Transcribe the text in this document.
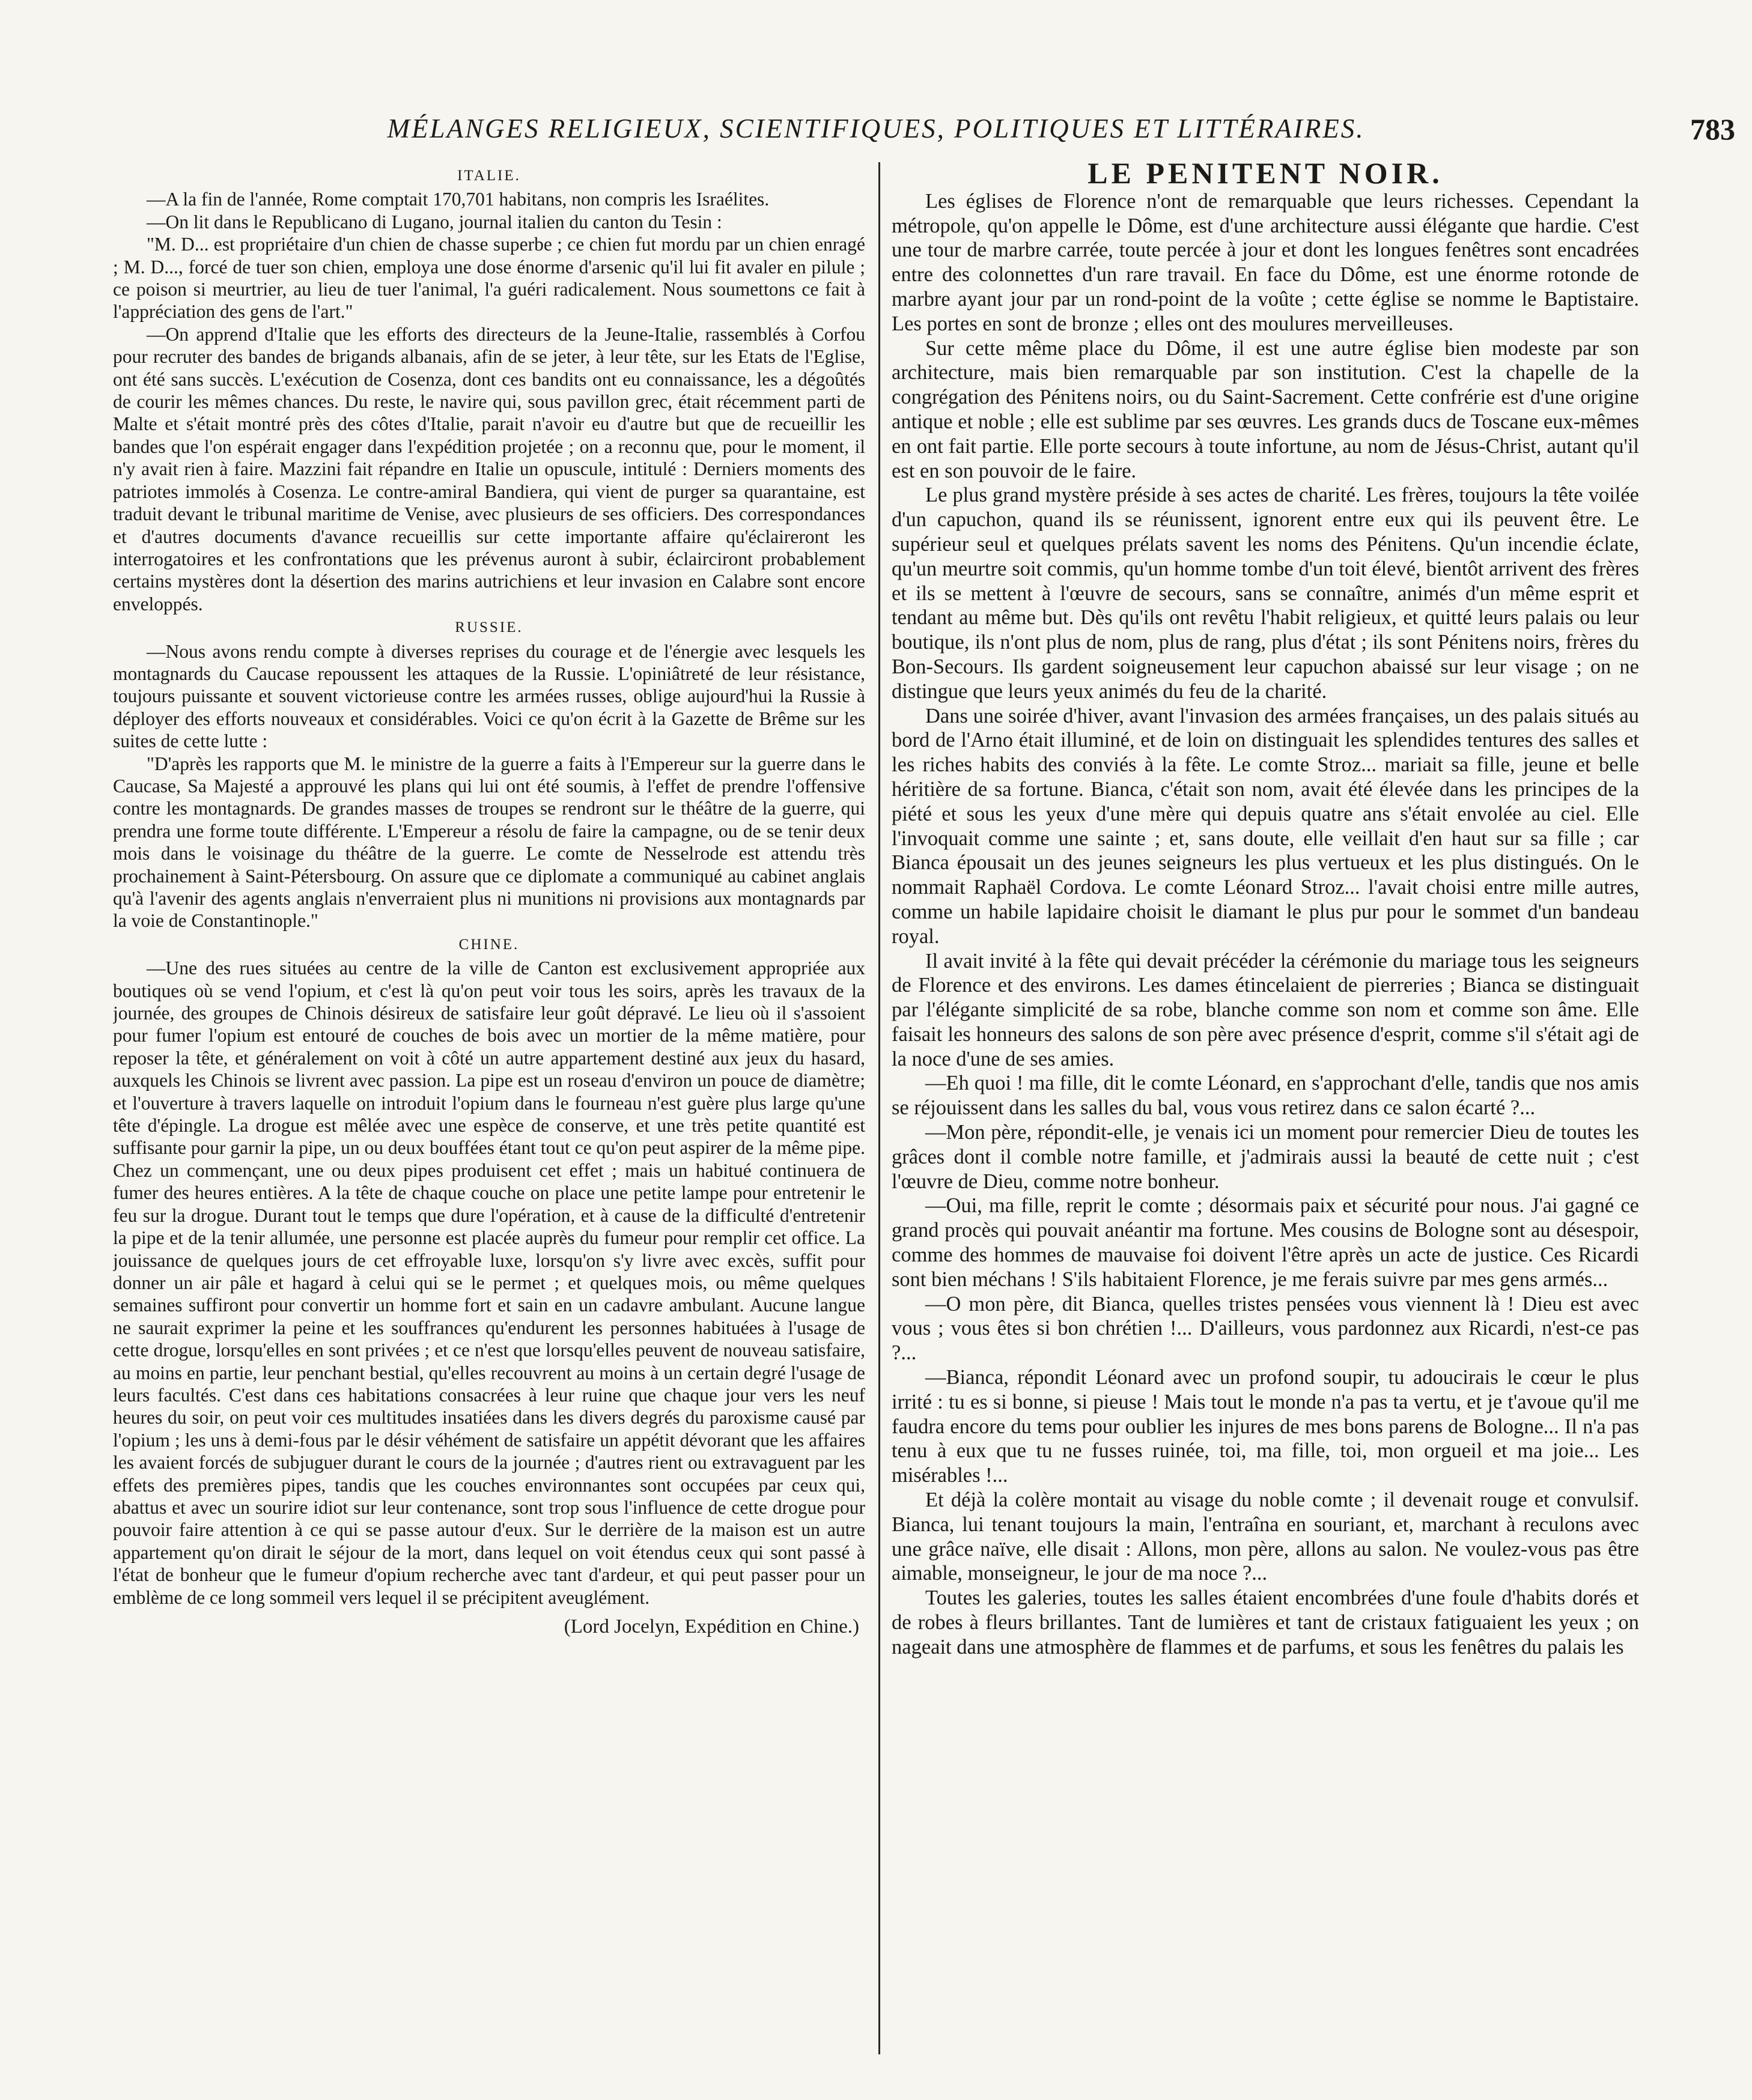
MÉLANGES RELIGIEUX, SCIENTIFIQUES, POLITIQUES ET LITTÉRAIRES.	783
ITALIE.

—A la fin de l'année, Rome comptait 170,701 habitans, non compris les Israélites.

—On lit dans le Republicano di Lugano, journal italien du canton du Tesin :

"M. D... est propriétaire d'un chien de chasse superbe ; ce chien fut mordu par un chien enragé ; M. D..., forcé de tuer son chien, employa une dose énorme d'arsenic qu'il lui fit avaler en pilule ; ce poison si meurtrier, au lieu de tuer l'animal, l'a guéri radicalement. Nous soumettons ce fait à l'appréciation des gens de l'art."

—On apprend d'Italie que les efforts des directeurs de la Jeune-Italie, rassemblés à Corfou pour recruter des bandes de brigands albanais, afin de se jeter, à leur tête, sur les Etats de l'Eglise, ont été sans succès. L'exécution de Cosenza, dont ces bandits ont eu connaissance, les a dégoûtés de courir les mêmes chances. Du reste, le navire qui, sous pavillon grec, était récemment parti de Malte et s'était montré près des côtes d'Italie, parait n'avoir eu d'autre but que de recueillir les bandes que l'on espérait engager dans l'expédition projetée ; on a reconnu que, pour le moment, il n'y avait rien à faire. Mazzini fait répandre en Italie un opuscule, intitulé : Derniers moments des patriotes immolés à Cosenza. Le contre-amiral Bandiera, qui vient de purger sa quarantaine, est traduit devant le tribunal maritime de Venise, avec plusieurs de ses officiers. Des correspondances et d'autres documents d'avance recueillis sur cette importante affaire qu'éclaireront les interrogatoires et les confrontations que les prévenus auront à subir, éclairciront probablement certains mystères dont la désertion des marins autrichiens et leur invasion en Calabre sont encore enveloppés.

RUSSIE.

—Nous avons rendu compte à diverses reprises du courage et de l'énergie avec lesquels les montagnards du Caucase repoussent les attaques de la Russie. L'opiniâtreté de leur résistance, toujours puissante et souvent victorieuse contre les armées russes, oblige aujourd'hui la Russie à déployer des efforts nouveaux et considérables. Voici ce qu'on écrit à la Gazette de Brême sur les suites de cette lutte :

"D'après les rapports que M. le ministre de la guerre a faits à l'Empereur sur la guerre dans le Caucase, Sa Majesté a approuvé les plans qui lui ont été soumis, à l'effet de prendre l'offensive contre les montagnards. De grandes masses de troupes se rendront sur le théâtre de la guerre, qui prendra une forme toute différente. L'Empereur a résolu de faire la campagne, ou de se tenir deux mois dans le voisinage du théâtre de la guerre. Le comte de Nesselrode est attendu très prochainement à Saint-Pétersbourg. On assure que ce diplomate a communiqué au cabinet anglais qu'à l'avenir des agents anglais n'enverraient plus ni munitions ni provisions aux montagnards par la voie de Constantinople."

CHINE.

—Une des rues situées au centre de la ville de Canton est exclusivement appropriée aux boutiques où se vend l'opium, et c'est là qu'on peut voir tous les soirs, après les travaux de la journée, des groupes de Chinois désireux de satisfaire leur goût dépravé. Le lieu où il s'assoient pour fumer l'opium est entouré de couches de bois avec un mortier de la même matière, pour reposer la tête, et généralement on voit à côté un autre appartement destiné aux jeux du hasard, auxquels les Chinois se livrent avec passion. La pipe est un roseau d'environ un pouce de diamètre; et l'ouverture à travers laquelle on introduit l'opium dans le fourneau n'est guère plus large qu'une tête d'épingle. La drogue est mêlée avec une espèce de conserve, et une très petite quantité est suffisante pour garnir la pipe, un ou deux bouffées étant tout ce qu'on peut aspirer de la même pipe. Chez un commençant, une ou deux pipes produisent cet effet ; mais un habitué continuera de fumer des heures entières. A la tête de chaque couche on place une petite lampe pour entretenir le feu sur la drogue. Durant tout le temps que dure l'opération, et à cause de la difficulté d'entretenir la pipe et de la tenir allumée, une personne est placée auprès du fumeur pour remplir cet office. La jouissance de quelques jours de cet effroyable luxe, lorsqu'on s'y livre avec excès, suffit pour donner un air pâle et hagard à celui qui se le permet ; et quelques mois, ou même quelques semaines suffiront pour convertir un homme fort et sain en un cadavre ambulant. Aucune langue ne saurait exprimer la peine et les souffrances qu'endurent les personnes habituées à l'usage de cette drogue, lorsqu'elles en sont privées ; et ce n'est que lorsqu'elles peuvent de nouveau satisfaire, au moins en partie, leur penchant bestial, qu'elles recouvrent au moins à un certain degré l'usage de leurs facultés. C'est dans ces habitations consacrées à leur ruine que chaque jour vers les neuf heures du soir, on peut voir ces multitudes insatiées dans les divers degrés du paroxisme causé par l'opium ; les uns à demi-fous par le désir véhément de satisfaire un appétit dévorant que les affaires les avaient forcés de subjuguer durant le cours de la journée ; d'autres rient ou extravaguent par les effets des premières pipes, tandis que les couches environnantes sont occupées par ceux qui, abattus et avec un sourire idiot sur leur contenance, sont trop sous l'influence de cette drogue pour pouvoir faire attention à ce qui se passe autour d'eux. Sur le derrière de la maison est un autre appartement qu'on dirait le séjour de la mort, dans lequel on voit étendus ceux qui sont passé à l'état de bonheur que le fumeur d'opium recherche avec tant d'ardeur, et qui peut passer pour un emblème de ce long sommeil vers lequel il se précipitent aveuglément.

(Lord Jocelyn, Expédition en Chine.)
LE PENITENT NOIR.

Les églises de Florence n'ont de remarquable que leurs richesses. Cependant la métropole, qu'on appelle le Dôme, est d'une architecture aussi élégante que hardie. C'est une tour de marbre carrée, toute percée à jour et dont les longues fenêtres sont encadrées entre des colonnettes d'un rare travail. En face du Dôme, est une énorme rotonde de marbre ayant jour par un rond-point de la voûte ; cette église se nomme le Baptistaire. Les portes en sont de bronze ; elles ont des moulures merveilleuses.

Sur cette même place du Dôme, il est une autre église bien modeste par son architecture, mais bien remarquable par son institution. C'est la chapelle de la congrégation des Pénitens noirs, ou du Saint-Sacrement. Cette confrérie est d'une origine antique et noble ; elle est sublime par ses œuvres. Les grands ducs de Toscane eux-mêmes en ont fait partie. Elle porte secours à toute infortune, au nom de Jésus-Christ, autant qu'il est en son pouvoir de le faire.

Le plus grand mystère préside à ses actes de charité. Les frères, toujours la tête voilée d'un capuchon, quand ils se réunissent, ignorent entre eux qui ils peuvent être. Le supérieur seul et quelques prélats savent les noms des Pénitens. Qu'un incendie éclate, qu'un meurtre soit commis, qu'un homme tombe d'un toit élevé, bientôt arrivent des frères et ils se mettent à l'œuvre de secours, sans se connaître, animés d'un même esprit et tendant au même but. Dès qu'ils ont revêtu l'habit religieux, et quitté leurs palais ou leur boutique, ils n'ont plus de nom, plus de rang, plus d'état ; ils sont Pénitens noirs, frères du Bon-Secours. Ils gardent soigneusement leur capuchon abaissé sur leur visage ; on ne distingue que leurs yeux animés du feu de la charité.

Dans une soirée d'hiver, avant l'invasion des armées françaises, un des palais situés au bord de l'Arno était illuminé, et de loin on distinguait les splendides tentures des salles et les riches habits des conviés à la fête. Le comte Stroz... mariait sa fille, jeune et belle héritière de sa fortune. Bianca, c'était son nom, avait été élevée dans les principes de la piété et sous les yeux d'une mère qui depuis quatre ans s'était envolée au ciel. Elle l'invoquait comme une sainte ; et, sans doute, elle veillait d'en haut sur sa fille ; car Bianca épousait un des jeunes seigneurs les plus vertueux et les plus distingués. On le nommait Raphaël Cordova. Le comte Léonard Stroz... l'avait choisi entre mille autres, comme un habile lapidaire choisit le diamant le plus pur pour le sommet d'un bandeau royal.

Il avait invité à la fête qui devait précéder la cérémonie du mariage tous les seigneurs de Florence et des environs. Les dames étincelaient de pierreries ; Bianca se distinguait par l'élégante simplicité de sa robe, blanche comme son nom et comme son âme. Elle faisait les honneurs des salons de son père avec présence d'esprit, comme s'il s'était agi de la noce d'une de ses amies.

—Eh quoi ! ma fille, dit le comte Léonard, en s'approchant d'elle, tandis que nos amis se réjouissent dans les salles du bal, vous vous retirez dans ce salon écarté ?...

—Mon père, répondit-elle, je venais ici un moment pour remercier Dieu de toutes les grâces dont il comble notre famille, et j'admirais aussi la beauté de cette nuit ; c'est l'œuvre de Dieu, comme notre bonheur.

—Oui, ma fille, reprit le comte ; désormais paix et sécurité pour nous. J'ai gagné ce grand procès qui pouvait anéantir ma fortune. Mes cousins de Bologne sont au désespoir, comme des hommes de mauvaise foi doivent l'être après un acte de justice. Ces Ricardi sont bien méchans ! S'ils habitaient Florence, je me ferais suivre par mes gens armés...

—O mon père, dit Bianca, quelles tristes pensées vous viennent là ! Dieu est avec vous ; vous êtes si bon chrétien !... D'ailleurs, vous pardonnez aux Ricardi, n'est-ce pas ?...

—Bianca, répondit Léonard avec un profond soupir, tu adoucirais le cœur le plus irrité : tu es si bonne, si pieuse ! Mais tout le monde n'a pas ta vertu, et je t'avoue qu'il me faudra encore du tems pour oublier les injures de mes bons parens de Bologne... Il n'a pas tenu à eux que tu ne fusses ruinée, toi, ma fille, toi, mon orgueil et ma joie... Les misérables !...

Et déjà la colère montait au visage du noble comte ; il devenait rouge et convulsif. Bianca, lui tenant toujours la main, l'entraîna en souriant, et, marchant à reculons avec une grâce naïve, elle disait : Allons, mon père, allons au salon. Ne voulez-vous pas être aimable, monseigneur, le jour de ma noce ?...

Toutes les galeries, toutes les salles étaient encombrées d'une foule d'habits dorés et de robes à fleurs brillantes. Tant de lumières et tant de cristaux fatiguaient les yeux ; on nageait dans une atmosphère de flammes et de parfums, et sous les fenêtres du palais les
